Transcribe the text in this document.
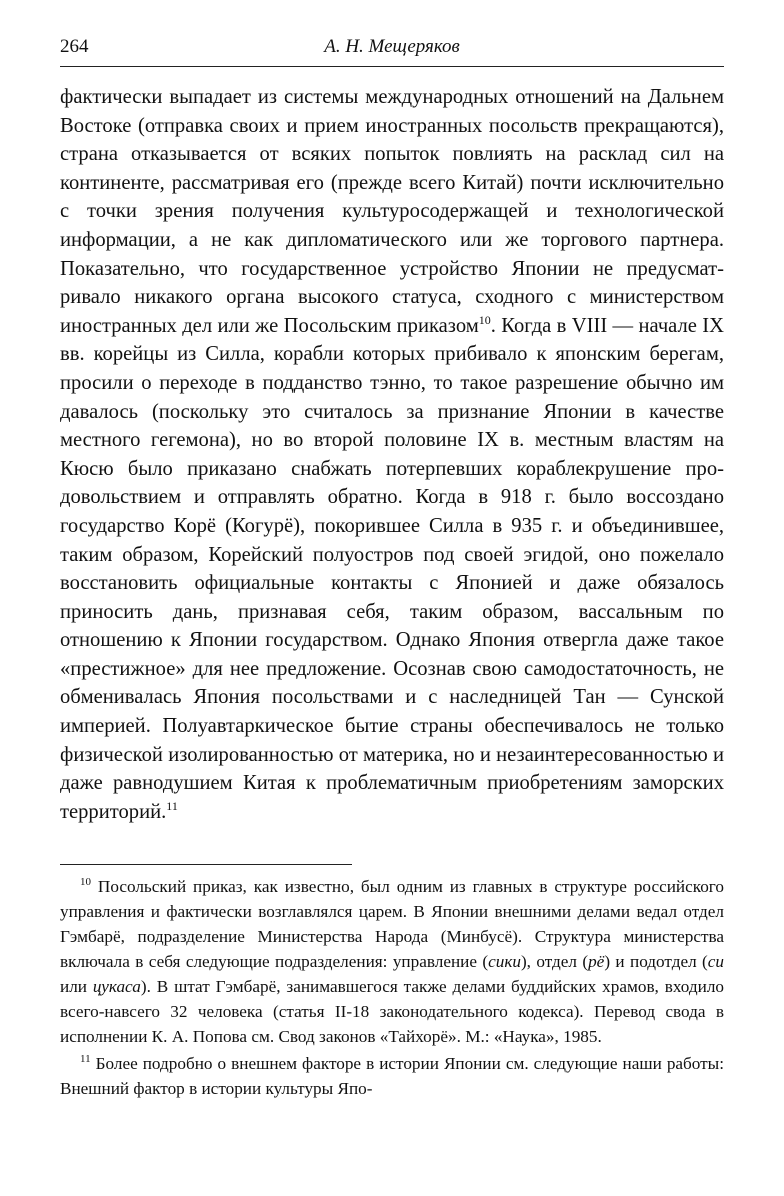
264	А. Н. Мещеряков

фактически выпадает из системы международных отношений на Дальнем Востоке (отправка своих и прием иностранных посольств прекращаются), страна отказывается от всяких попыток повлиять на расклад сил на континенте, рассматривая его (прежде всего Китай) почти исключительно с точки зрения получения культуросодержащей и технологической информации, а не как дипломатического или же торгового партнера. Показательно, что государственное устройство Японии не предусматривало никакого органа высокого статуса, сходного с министерством иностранных дел или же Посольским приказом$^{10}$. Когда в VIII — начале IX вв. корейцы из Силла, корабли которых прибивало к японским берегам, просили о переходе в подданство тэнно, то такое разрешение обычно им давалось (поскольку это считалось за признание Японии в качестве местного гегемона), но во второй половине IX в. местным властям на Кюсю было приказано снабжать потерпевших кораблекрушение продовольствием и отправлять обратно. Когда в 918 г. было воссоздано государство Корё (Когурё), покорившее Силла в 935 г. и объединившее, таким образом, Корейский полуостров под своей эгидой, оно пожелало восстановить официальные контакты с Японией и даже обязалось приносить дань, признавая себя, таким образом, вассальным по отношению к Японии государством. Однако Япония отвергла даже такое «престижное» для нее предложение. Осознав свою самодостаточность, не обменивалась Япония посольствами и с наследницей Тан — Сунской империей. Полуавтаркическое бытие страны обеспечивалось не только физической изолированностью от материка, но и незаинтересованностью и даже равнодушием Китая к проблематичным приобретениям заморских территорий.$^{11}$

$^{10}$ Посольский приказ, как известно, был одним из главных в структуре российского управления и фактически возглавлялся царем. В Японии внешними делами ведал отдел Гэмбарё, подразделение Министерства Народа (Минбусё). Структура министерства включала в себя следующие подразделения: управление (сики), отдел (рё) и подотдел (си или цукаса). В штат Гэмбарё, занимавшегося также делами буддийских храмов, входило всего-навсего 32 человека (статья II-18 законодательного кодекса). Перевод свода в исполнении К. А. Попова см. Свод законов «Тайхорё». М.: «Наука», 1985.

$^{11}$ Более подробно о внешнем факторе в истории Японии см. следующие наши работы: Внешний фактор в истории культуры Япо-
